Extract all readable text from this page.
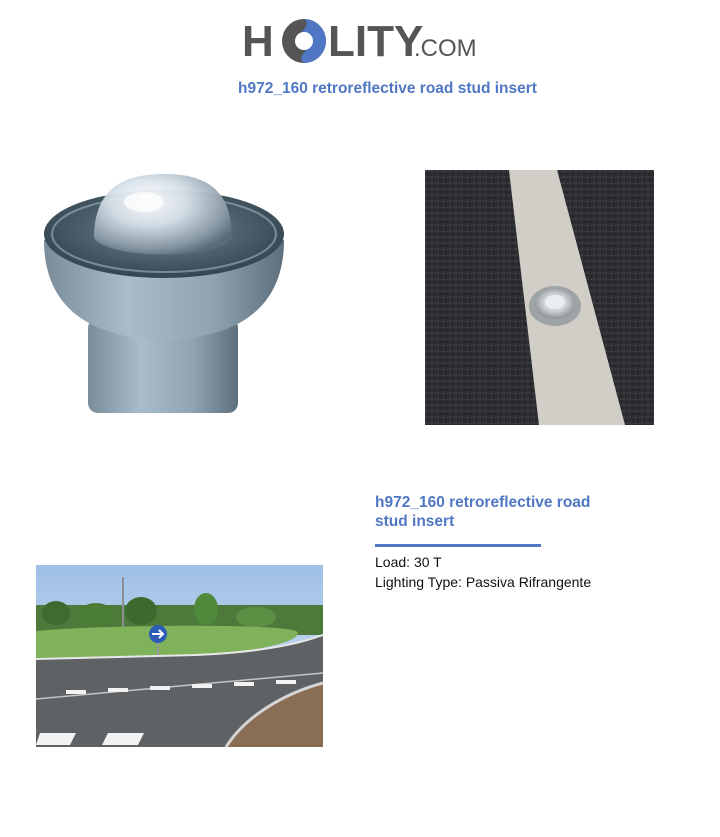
H LITY
.COM
h972_160 retroreflective road stud insert
h972_160 retroreflective road stud insert
Load: 30 T
Lighting Type: Passiva Rifrangente
